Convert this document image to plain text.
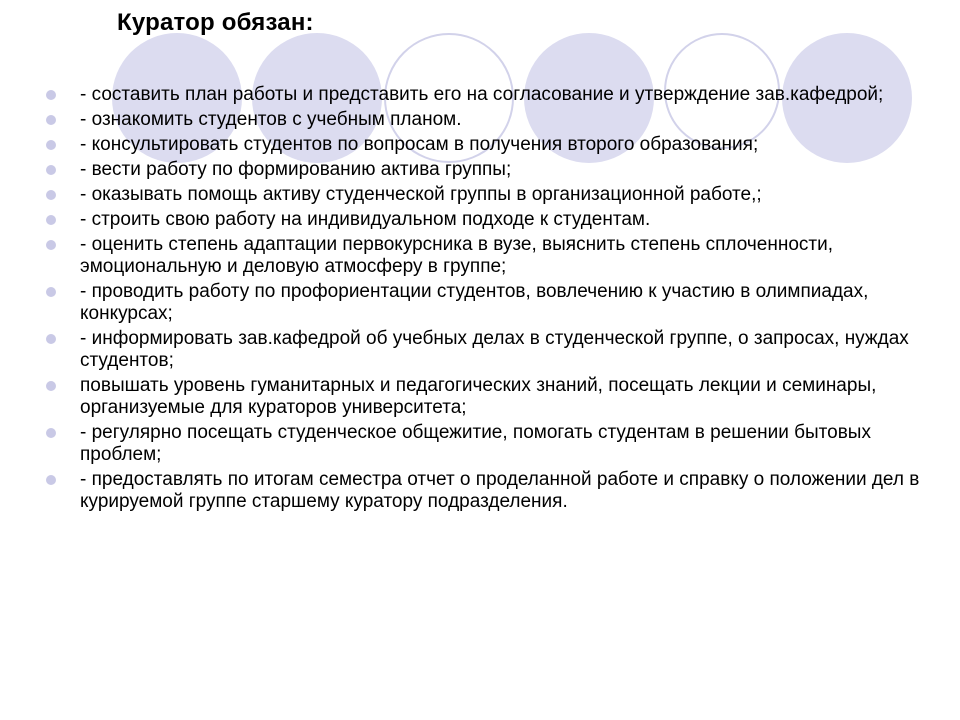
Куратор обязан:
- составить план работы и представить его на согласование и утверждение зав.кафедрой;
- ознакомить студентов с учебным планом.
- консультировать студентов по вопросам в получения второго образования;
- вести работу по формированию актива группы;
- оказывать помощь активу студенческой группы в организационной работе,;
- строить свою работу на индивидуальном подходе к студентам.
- оценить степень адаптации первокурсника в вузе, выяснить степень сплоченности, эмоциональную и деловую атмосферу в группе;
- проводить работу по профориентации студентов, вовлечению к участию в олимпиадах, конкурсах;
- информировать зав.кафедрой об учебных делах в студенческой группе, о запросах, нуждах студентов;
повышать уровень гуманитарных и педагогических знаний, посещать лекции и семинары, организуемые для кураторов университета;
- регулярно посещать студенческое общежитие, помогать студентам в решении бытовых проблем;
- предоставлять по итогам семестра отчет о проделанной работе и справку о положении дел в курируемой группе старшему куратору подразделения.
